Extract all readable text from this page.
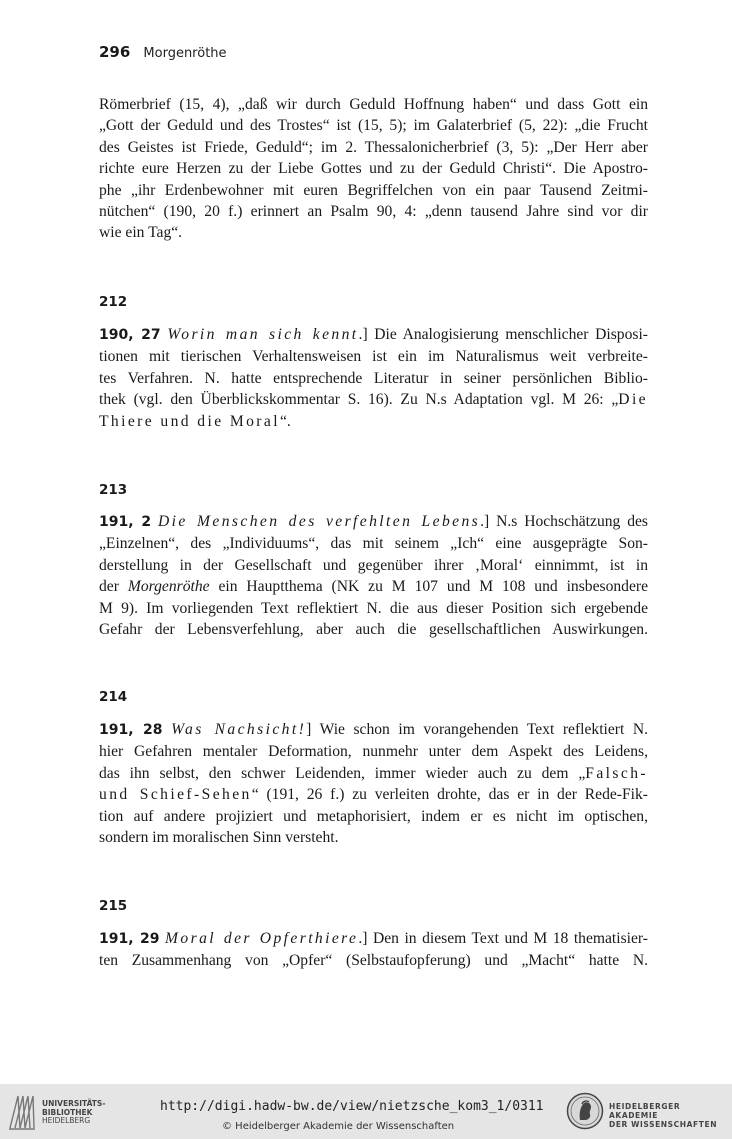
296 Morgenröthe
Römerbrief (15, 4), „daß wir durch Geduld Hoffnung haben“ und dass Gott ein
„Gott der Geduld und des Trostes“ ist (15, 5); im Galaterbrief (5, 22): „die Frucht
des Geistes ist Friede, Geduld“; im 2. Thessalonicherbrief (3, 5): „Der Herr aber
richte eure Herzen zu der Liebe Gottes und zu der Geduld Christi“. Die Apostro-
phe „ihr Erdenbewohner mit euren Begriffelchen von ein paar Tausend Zeitmi-
nütchen“ (190, 20 f.) erinnert an Psalm 90, 4: „denn tausend Jahre sind vor dir
wie ein Tag“.
212
190, 27 Worin man sich kennt.] Die Analogisierung menschlicher Disposi-
tionen mit tierischen Verhaltensweisen ist ein im Naturalismus weit verbreite-
tes Verfahren. N. hatte entsprechende Literatur in seiner persönlichen Biblio-
thek (vgl. den Überblickskommentar S. 16). Zu N.s Adaptation vgl. M 26: „Die
Thiere und die Moral“.
213
191, 2 Die Menschen des verfehlten Lebens.] N.s Hochschätzung des
„Einzelnen“, des „Individuums“, das mit seinem „Ich“ eine ausgeprägte Son-
derstellung in der Gesellschaft und gegenüber ihrer ‚Moral‘ einnimmt, ist in
der Morgenröthe ein Hauptthema (NK zu M 107 und M 108 und insbesondere
M 9). Im vorliegenden Text reflektiert N. die aus dieser Position sich ergebende
Gefahr der Lebensverfehlung, aber auch die gesellschaftlichen Auswirkungen.
214
191, 28 Was Nachsicht!] Wie schon im vorangehenden Text reflektiert N.
hier Gefahren mentaler Deformation, nunmehr unter dem Aspekt des Leidens,
das ihn selbst, den schwer Leidenden, immer wieder auch zu dem „Falsch-
und Schief-Sehen“ (191, 26 f.) zu verleiten drohte, das er in der Rede-Fik-
tion auf andere projiziert und metaphorisiert, indem er es nicht im optischen,
sondern im moralischen Sinn versteht.
215
191, 29 Moral der Opferthiere.] Den in diesem Text und M 18 thematisier-
ten Zusammenhang von „Opfer“ (Selbstaufopferung) und „Macht“ hatte N.
UNIVERSITÄTS-
BIBLIOTHEK
HEIDELBERG
http://digi.hadw-bw.de/view/nietzsche_kom3_1/0311
© Heidelberger Akademie der Wissenschaften
HEIDELBERGER AKADEMIE
DER WISSENSCHAFTEN
